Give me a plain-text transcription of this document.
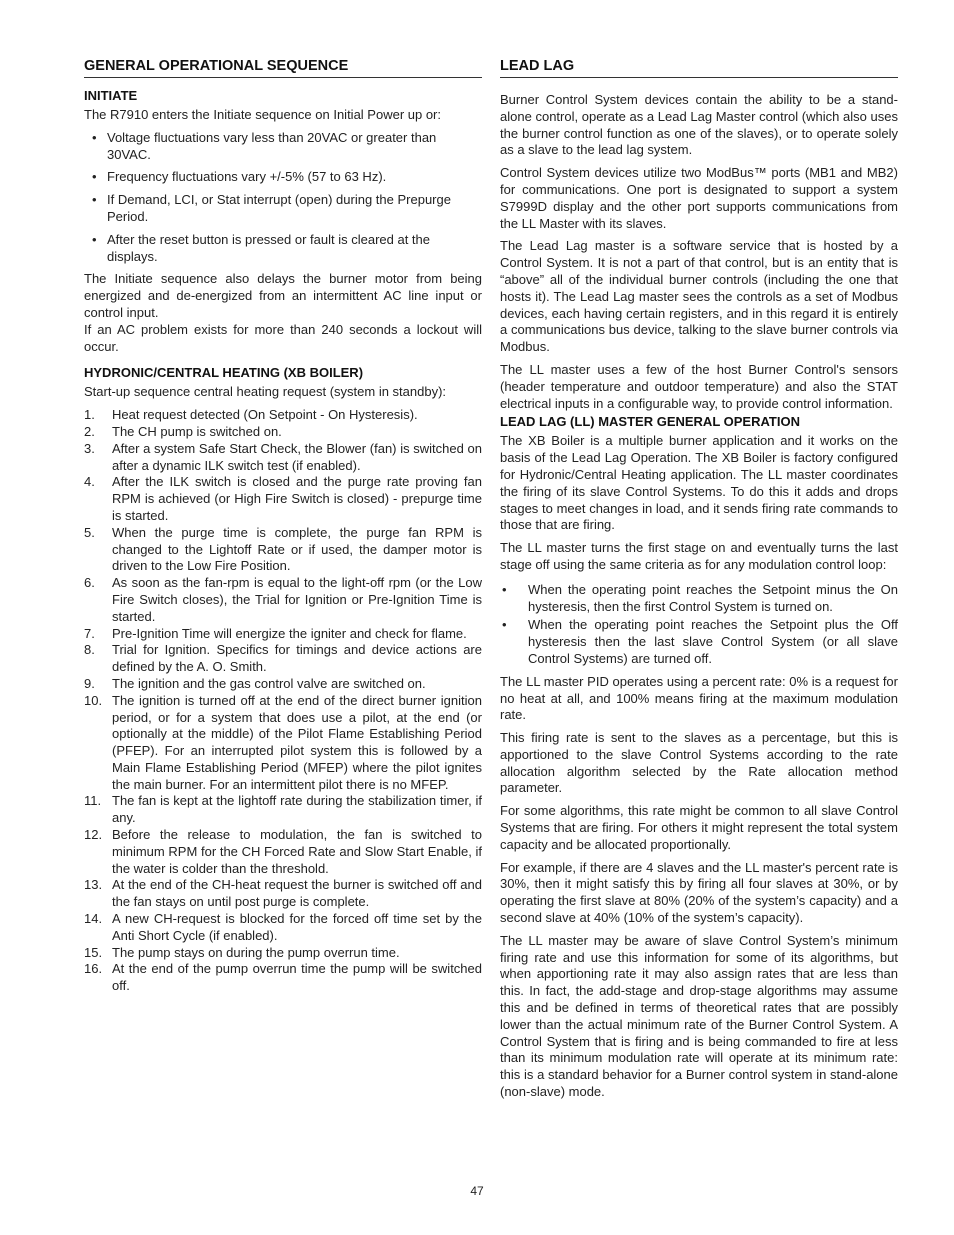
GENERAL OPERATIONAL SEQUENCE
INITIATE

The R7910 enters the Initiate sequence on Initial Power up or:

• Voltage fluctuations vary less than 20VAC or greater than 30VAC.
• Frequency fluctuations vary +/-5% (57 to 63 Hz).
• If Demand, LCI, or Stat interrupt (open) during the Prepurge Period.
• After the reset button is pressed or fault is cleared at the displays.

The Initiate sequence also delays the burner motor from being energized and de-energized from an intermittent AC line input or control input.

If an AC problem exists for more than 240 seconds a lockout will occur.

HYDRONIC/CENTRAL HEATING (XB BOILER)

Start-up sequence central heating request (system in standby):

1. Heat request detected (On Setpoint - On Hysteresis).
2. The CH pump is switched on.
3. After a system Safe Start Check, the Blower (fan) is switched on after a dynamic ILK switch test (if enabled).
4. After the ILK switch is closed and the purge rate proving fan RPM is achieved (or High Fire Switch is closed) - prepurge time is started.
5. When the purge time is complete, the purge fan RPM is changed to the Lightoff Rate or if used, the damper motor is driven to the Low Fire Position.
6. As soon as the fan-rpm is equal to the light-off rpm (or the Low Fire Switch closes), the Trial for Ignition or Pre-Ignition Time is started.
7. Pre-Ignition Time will energize the igniter and check for flame.
8. Trial for Ignition. Specifics for timings and device actions are defined by the A. O. Smith.
9. The ignition and the gas control valve are switched on.
10. The ignition is turned off at the end of the direct burner ignition period, or for a system that does use a pilot, at the end (or optionally at the middle) of the Pilot Flame Establishing Period (PFEP). For an interrupted pilot system this is followed by a Main Flame Establishing Period (MFEP) where the pilot ignites the main burner. For an intermittent pilot there is no MFEP.
11. The fan is kept at the lightoff rate during the stabilization timer, if any.
12. Before the release to modulation, the fan is switched to minimum RPM for the CH Forced Rate and Slow Start Enable, if the water is colder than the threshold.
13. At the end of the CH-heat request the burner is switched off and the fan stays on until post purge is complete.
14. A new CH-request is blocked for the forced off time set by the Anti Short Cycle (if enabled).
15. The pump stays on during the pump overrun time.
16. At the end of the pump overrun time the pump will be switched off.
LEAD LAG

Burner Control System devices contain the ability to be a stand-alone control, operate as a Lead Lag Master control (which also uses the burner control function as one of the slaves), or to operate solely as a slave to the lead lag system.

Control System devices utilize two ModBus™ ports (MB1 and MB2) for communications. One port is designated to support a system S7999D display and the other port supports communications from the LL Master with its slaves.

The Lead Lag master is a software service that is hosted by a Control System. It is not a part of that control, but is an entity that is “above” all of the individual burner controls (including the one that hosts it). The Lead Lag master sees the controls as a set of Modbus devices, each having certain registers, and in this regard it is entirely a communications bus device, talking to the slave burner controls via Modbus.

The LL master uses a few of the host Burner Control's sensors (header temperature and outdoor temperature) and also the STAT electrical inputs in a configurable way, to provide control information.

LEAD LAG (LL) MASTER GENERAL OPERATION

The XB Boiler is a multiple burner application and it works on the basis of the Lead Lag Operation. The XB Boiler is factory configured for Hydronic/Central Heating application. The LL master coordinates the firing of its slave Control Systems. To do this it adds and drops stages to meet changes in load, and it sends firing rate commands to those that are firing.

The LL master turns the first stage on and eventually turns the last stage off using the same criteria as for any modulation control loop:

• When the operating point reaches the Setpoint minus the On hysteresis, then the first Control System is turned on.
• When the operating point reaches the Setpoint plus the Off hysteresis then the last slave Control System (or all slave Control Systems) are turned off.

The LL master PID operates using a percent rate: 0% is a request for no heat at all, and 100% means firing at the maximum modulation rate.

This firing rate is sent to the slaves as a percentage, but this is apportioned to the slave Control Systems according to the rate allocation algorithm selected by the Rate allocation method parameter.

For some algorithms, this rate might be common to all slave Control Systems that are firing. For others it might represent the total system capacity and be allocated proportionally.

For example, if there are 4 slaves and the LL master's percent rate is 30%, then it might satisfy this by firing all four slaves at 30%, or by operating the first slave at 80% (20% of the system’s capacity) and a second slave at 40% (10% of the system’s capacity).

The LL master may be aware of slave Control System’s minimum firing rate and use this information for some of its algorithms, but when apportioning rate it may also assign rates that are less than this. In fact, the add-stage and drop-stage algorithms may assume this and be defined in terms of theoretical rates that are possibly lower than the actual minimum rate of the Burner Control System. A Control System that is firing and is being commanded to fire at less than its minimum modulation rate will operate at its minimum rate: this is a standard behavior for a Burner control system in stand-alone (non-slave) mode.

47
